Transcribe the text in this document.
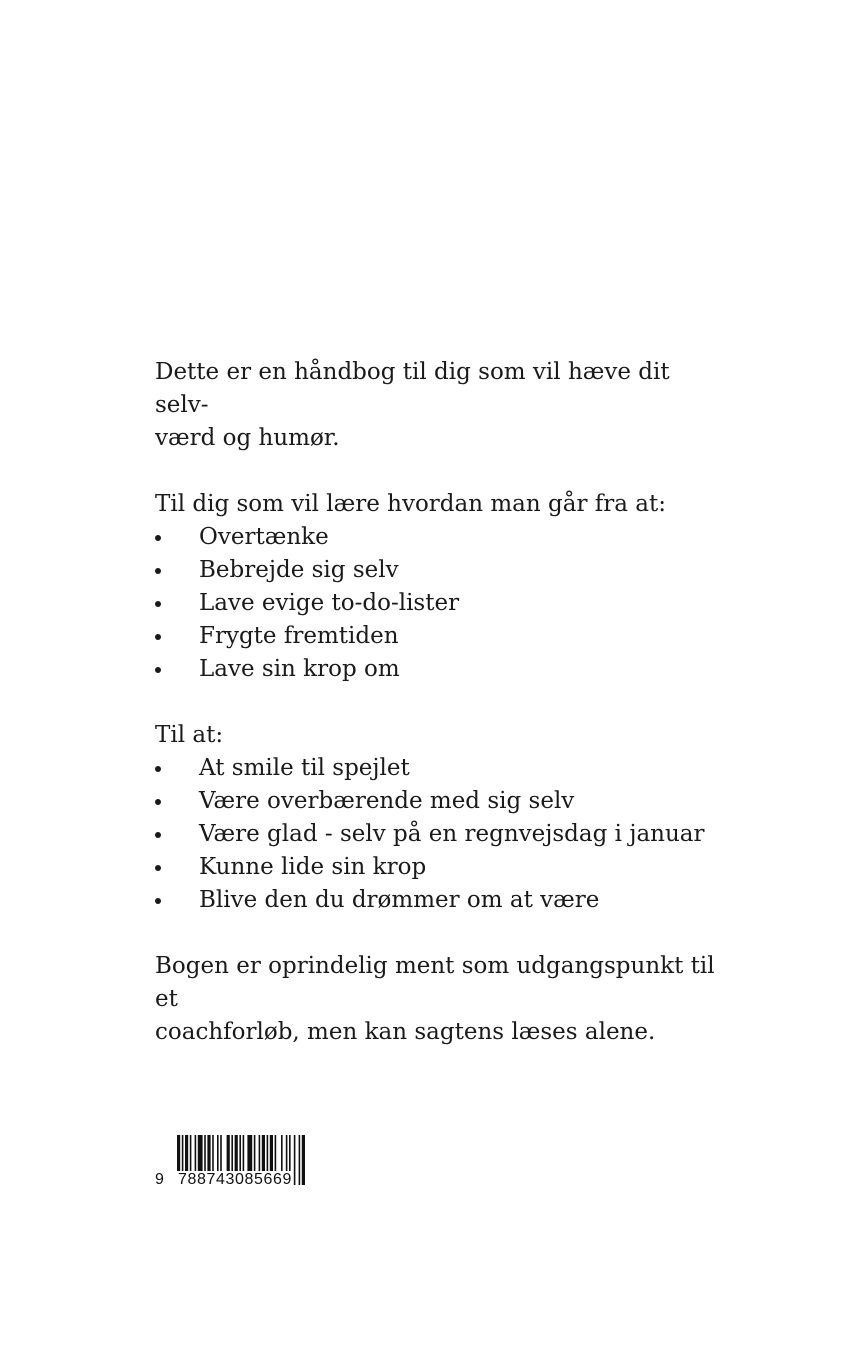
Dette er en håndbog til dig som vil hæve dit selv-

værd og humør.

Til dig som vil lære hvordan man går fra at:

Overtænke
Bebrejde sig selv
Lave evige to-do-lister
Frygte fremtiden
Lave sin krop om

Til at:

At smile til spejlet
Være overbærende med sig selv
Være glad - selv på en regnvejsdag i januar
Kunne lide sin krop
Blive den du drømmer om at være

Bogen er oprindelig ment som udgangspunkt til et

coachforløb, men kan sagtens læses alene.

9 788743085669
